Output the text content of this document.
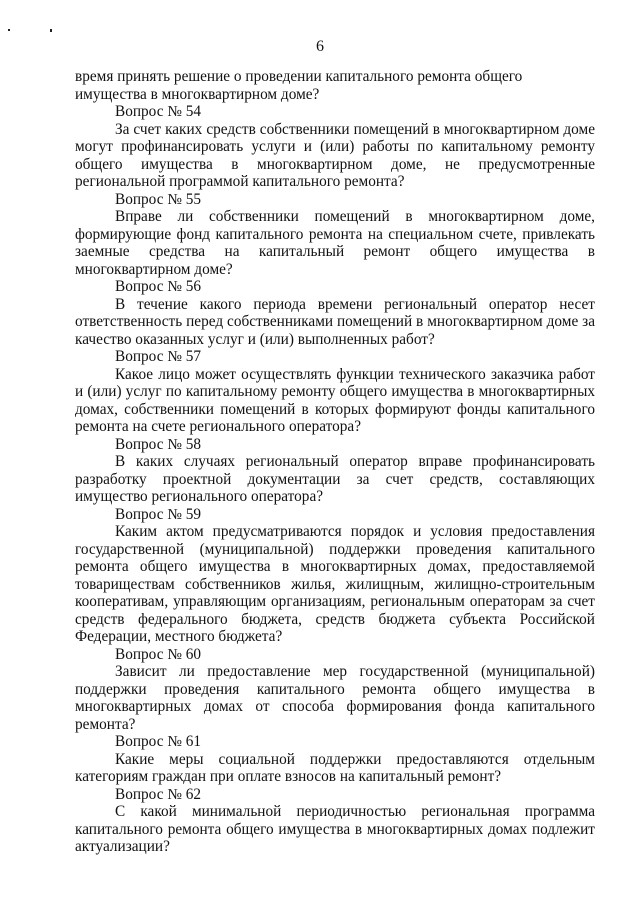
6

время принять решение о проведении капитального ремонта общего имущества в многоквартирном доме?

Вопрос № 54

За счет каких средств собственники помещений в многоквартирном доме могут профинансировать услуги и (или) работы по капитальному ремонту общего имущества в многоквартирном доме, не предусмотренные региональной программой капитального ремонта?

Вопрос № 55

Вправе ли собственники помещений в многоквартирном доме, формирующие фонд капитального ремонта на специальном счете, привлекать заемные средства на капитальный ремонт общего имущества в многоквартирном доме?

Вопрос № 56

В течение какого периода времени региональный оператор несет ответственность перед собственниками помещений в многоквартирном доме за качество оказанных услуг и (или) выполненных работ?

Вопрос № 57

Какое лицо может осуществлять функции технического заказчика работ и (или) услуг по капитальному ремонту общего имущества в многоквартирных домах, собственники помещений в которых формируют фонды капитального ремонта на счете регионального оператора?

Вопрос № 58

В каких случаях региональный оператор вправе профинансировать разработку проектной документации за счет средств, составляющих имущество регионального оператора?

Вопрос № 59

Каким актом предусматриваются порядок и условия предоставления государственной (муниципальной) поддержки проведения капитального ремонта общего имущества в многоквартирных домах, предоставляемой товариществам собственников жилья, жилищным, жилищно-строительным кооперативам, управляющим организациям, региональным операторам за счет средств федерального бюджета, средств бюджета субъекта Российской Федерации, местного бюджета?

Вопрос № 60

Зависит ли предоставление мер государственной (муниципальной) поддержки проведения капитального ремонта общего имущества в многоквартирных домах от способа формирования фонда капитального ремонта?

Вопрос № 61

Какие меры социальной поддержки предоставляются отдельным категориям граждан при оплате взносов на капитальный ремонт?

Вопрос № 62

С какой минимальной периодичностью региональная программа капитального ремонта общего имущества в многоквартирных домах подлежит актуализации?
